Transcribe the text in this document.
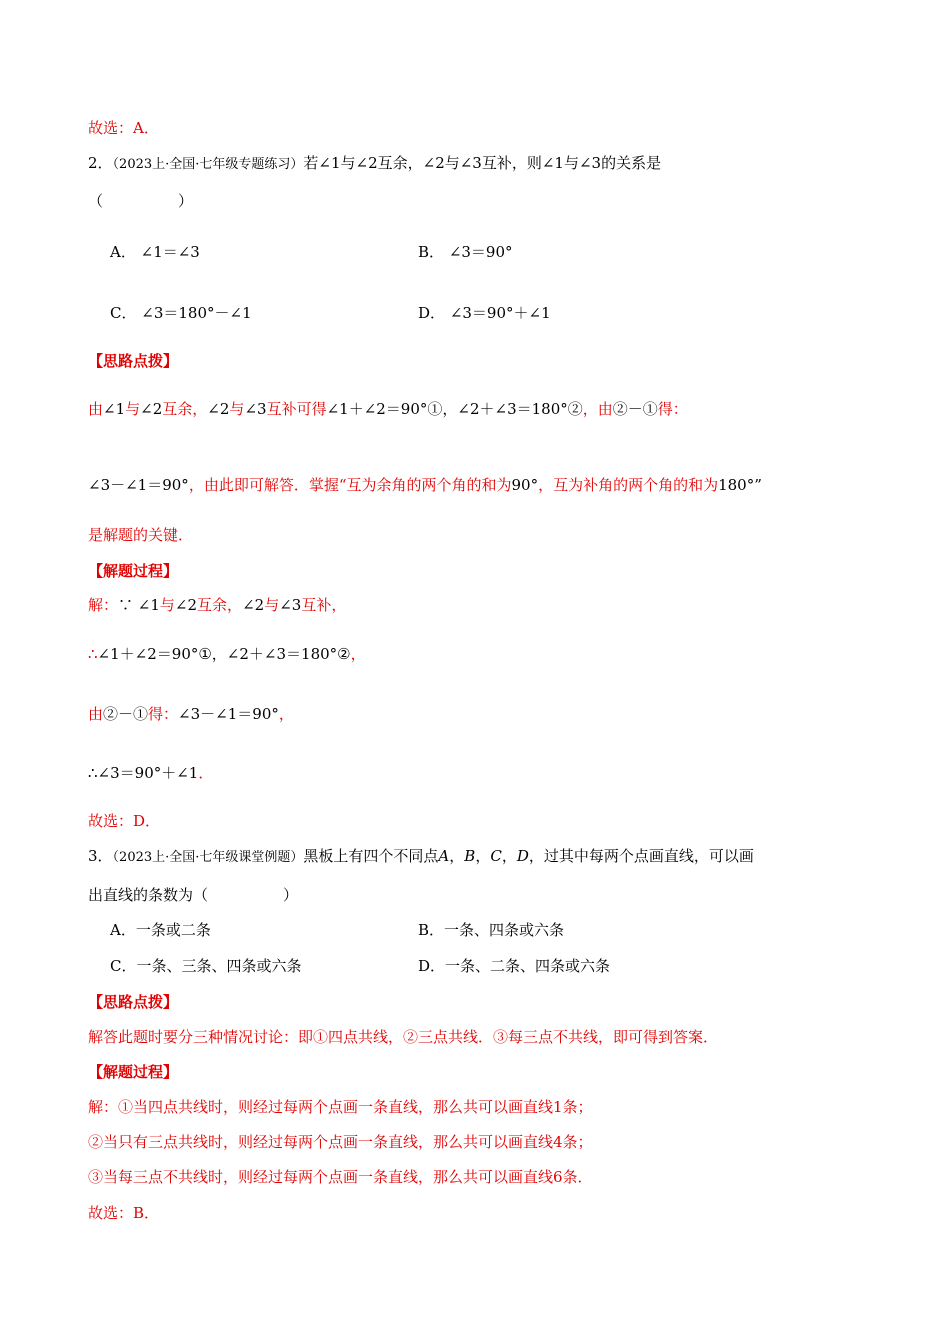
故选：A．
2．（2023上·全国·七年级专题练习）若∠1与∠2互余，∠2与∠3互补，则∠1与∠3的关系是
（　　　　　）
A． ∠1＝∠3	B． ∠3＝90°
C． ∠3＝180°－∠1	D． ∠3＝90°＋∠1
【思路点拨】
由∠1与∠2互余，∠2与∠3互补可得∠1＋∠2＝90°①，∠2＋∠3＝180°②，由②－①得：
∠3－∠1＝90°，由此即可解答．掌握“互为余角的两个角的和为90°，互为补角的两个角的和为180°”
是解题的关键．
【解题过程】
解：∵ ∠1与∠2互余，∠2与∠3互补，
∴∠1＋∠2＝90°①，∠2＋∠3＝180°②，
由②－①得：∠3－∠1＝90°，
∴∠3＝90°＋∠1．
故选：D．
3．（2023上·全国·七年级课堂例题）黑板上有四个不同点A，B，C，D，过其中每两个点画直线，可以画
出直线的条数为（　　　　　）
A．一条或二条	B．一条、四条或六条
C．一条、三条、四条或六条	D．一条、二条、四条或六条
【思路点拨】
解答此题时要分三种情况讨论：即①四点共线，②三点共线．③每三点不共线，即可得到答案．
【解题过程】
解：①当四点共线时，则经过每两个点画一条直线，那么共可以画直线1条；
②当只有三点共线时，则经过每两个点画一条直线，那么共可以画直线4条；
③当每三点不共线时，则经过每两个点画一条直线，那么共可以画直线6条．
故选：B．
